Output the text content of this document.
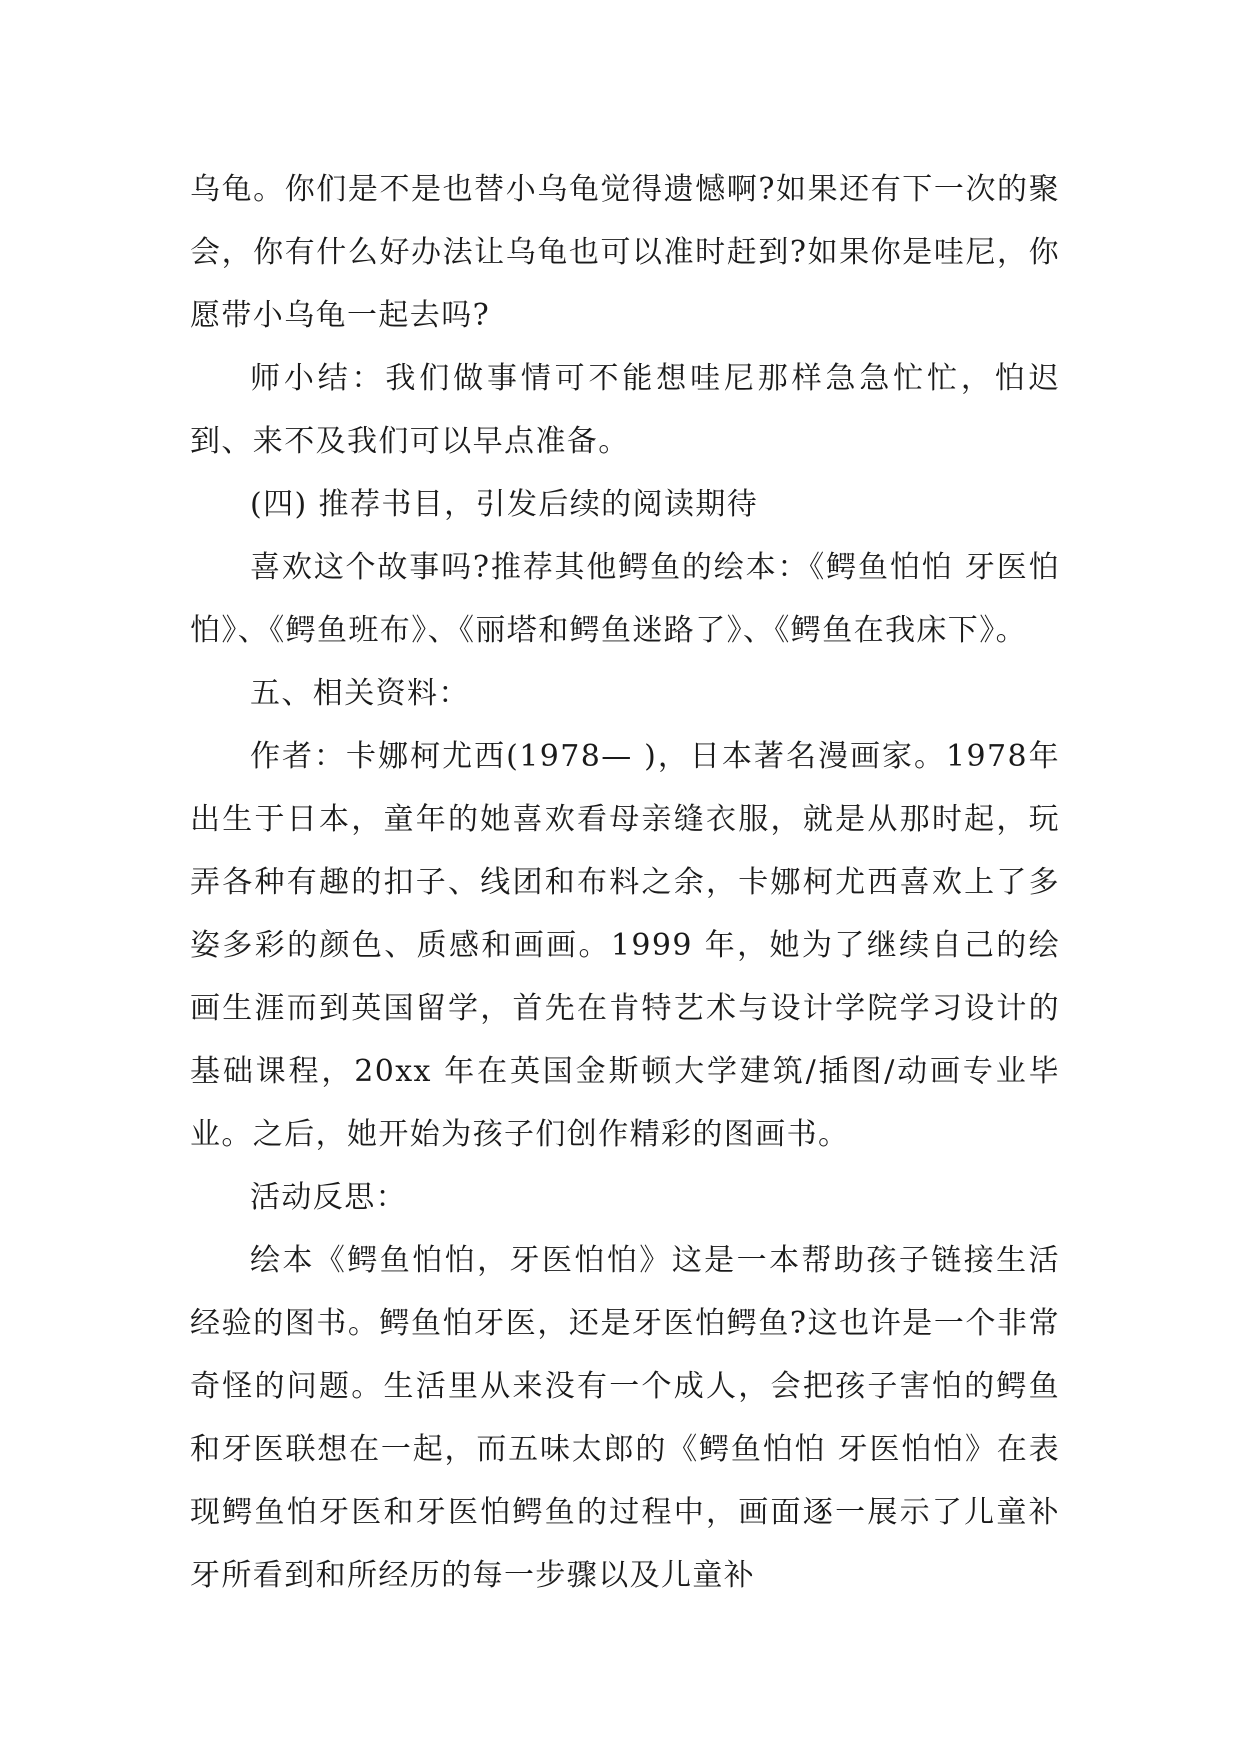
乌龟。你们是不是也替小乌龟觉得遗憾啊?如果还有下一次的聚会，你有什么好办法让乌龟也可以准时赶到?如果你是哇尼，你愿带小乌龟一起去吗?

师小结：我们做事情可不能想哇尼那样急急忙忙，怕迟到、来不及我们可以早点准备。

(四) 推荐书目，引发后续的阅读期待

喜欢这个故事吗?推荐其他鳄鱼的绘本：《鳄鱼怕怕 牙医怕怕》、《鳄鱼班布》、《丽塔和鳄鱼迷路了》、《鳄鱼在我床下》。

五、相关资料：

作者：卡娜柯尤西(1978— )，日本著名漫画家。1978年出生于日本，童年的她喜欢看母亲缝衣服，就是从那时起，玩弄各种有趣的扣子、线团和布料之余，卡娜柯尤西喜欢上了多姿多彩的颜色、质感和画画。1999 年，她为了继续自己的绘画生涯而到英国留学，首先在肯特艺术与设计学院学习设计的基础课程，20xx 年在英国金斯顿大学建筑/插图/动画专业毕业。之后，她开始为孩子们创作精彩的图画书。

活动反思：

绘本《鳄鱼怕怕，牙医怕怕》这是一本帮助孩子链接生活经验的图书。鳄鱼怕牙医，还是牙医怕鳄鱼?这也许是一个非常奇怪的问题。生活里从来没有一个成人，会把孩子害怕的鳄鱼和牙医联想在一起，而五味太郎的《鳄鱼怕怕 牙医怕怕》在表现鳄鱼怕牙医和牙医怕鳄鱼的过程中，画面逐一展示了儿童补牙所看到和所经历的每一步骤以及儿童补
